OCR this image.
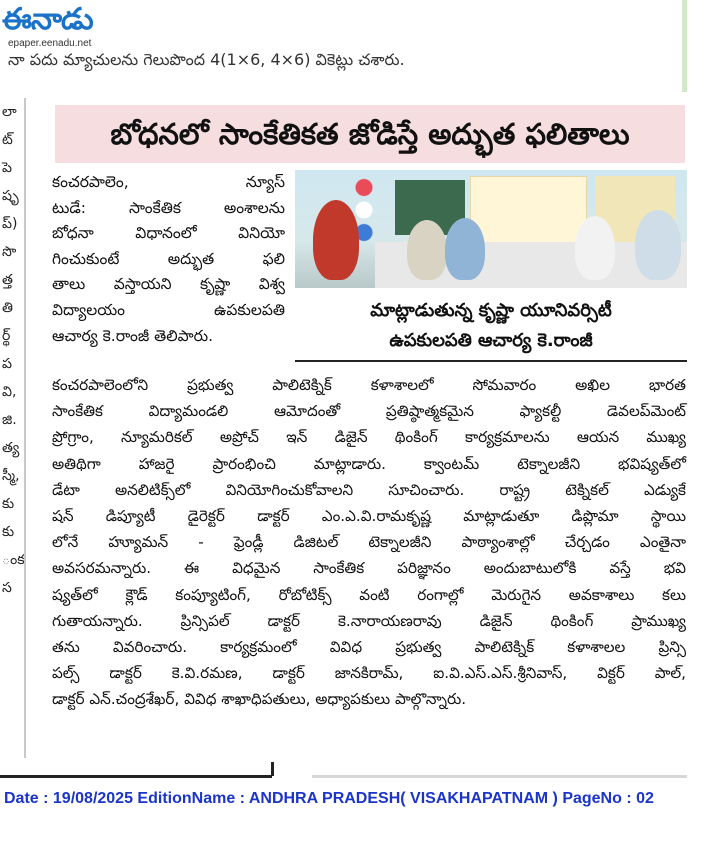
ఈనాడు
epaper.eenadu.net
నా పదు మ్యాచులను గెలుపొంద 4(1×6, 4×6) వికెట్లు చశారు.
లా
ట్
పె
షృ
ప్)
సొ
త్త
తి
ర్థ్
ప
వి,
జి.
త్య
స్మీ,
కు
కు
ంక
స
బోధనలో సాంకేతికత జోడిస్తే అద్భుత ఫలితాలు

కంచరపాలెం, న్యూస్

టుడే: సాంకేతిక అంశాలను

బోధనా విధానంలో వినియో

గించుకుంటే అద్భుత ఫలి

తాలు వస్తాయని కృష్ణా విశ్వ

విద్యాలయం ఉపకులపతి

ఆచార్య కె.రాంజీ తెలిపారు.

మాట్లాడుతున్న కృష్ణా యూనివర్సిటీ
ఉపకులపతి ఆచార్య కె.రాంజీ

కంచరపాలెంలోని ప్రభుత్వ పాలిటెక్నిక్ కళాశాలలో సోమవారం అఖిల భారత

సాంకేతిక విద్యామండలి ఆమోదంతో ప్రతిష్ఠాత్మకమైన ఫ్యాకల్టీ డెవలప్‌మెంట్

ప్రోగ్రాం, న్యూమరికల్ అప్రోచ్ ఇన్ డిజైన్ థింకింగ్ కార్యక్రమాలను ఆయన ముఖ్య

అతిథిగా హాజరై ప్రారంభించి మాట్లాడారు. క్వాంటమ్ టెక్నాలజీని భవిష్యత్‌లో

డేటా అనలిటిక్స్‌లో వినియోగించుకోవాలని సూచించారు. రాష్ట్ర టెక్నికల్ ఎడ్యుకే

షన్ డిప్యూటీ డైరెక్టర్ డాక్టర్ ఎం.ఎ.వి.రామకృష్ణ మాట్లాడుతూ డిప్లొమా స్థాయి

లోనే హ్యూమన్ - ఫ్రెండ్లీ డిజిటల్ టెక్నాలజీని పాఠ్యాంశాల్లో చేర్చడం ఎంతైనా

అవసరమన్నారు. ఈ విధమైన సాంకేతిక పరిజ్ఞానం అందుబాటులోకి వస్తే భవి

ష్యత్‌లో క్లౌడ్ కంప్యూటింగ్, రోబోటిక్స్ వంటి రంగాల్లో మెరుగైన అవకాశాలు కలు

గుతాయన్నారు. ప్రిన్సిపల్ డాక్టర్ కె.నారాయణరావు డిజైన్ థింకింగ్ ప్రాముఖ్య

తను వివరించారు. కార్యక్రమంలో వివిధ ప్రభుత్వ పాలిటెక్నిక్ కళాశాలల ప్రిన్సి

పల్స్ డాక్టర్ కె.వి.రమణ, డాక్టర్ జానకిరామ్, ఐ.వి.ఎస్.ఎస్.శ్రీనివాస్, విక్టర్ పాల్,

డాక్టర్ ఎన్.చంద్రశేఖర్, వివిధ శాఖాధిపతులు, అధ్యాపకులు పాల్గొన్నారు.

Date : 19/08/2025 EditionName : ANDHRA PRADESH( VISAKHAPATNAM ) PageNo : 02
